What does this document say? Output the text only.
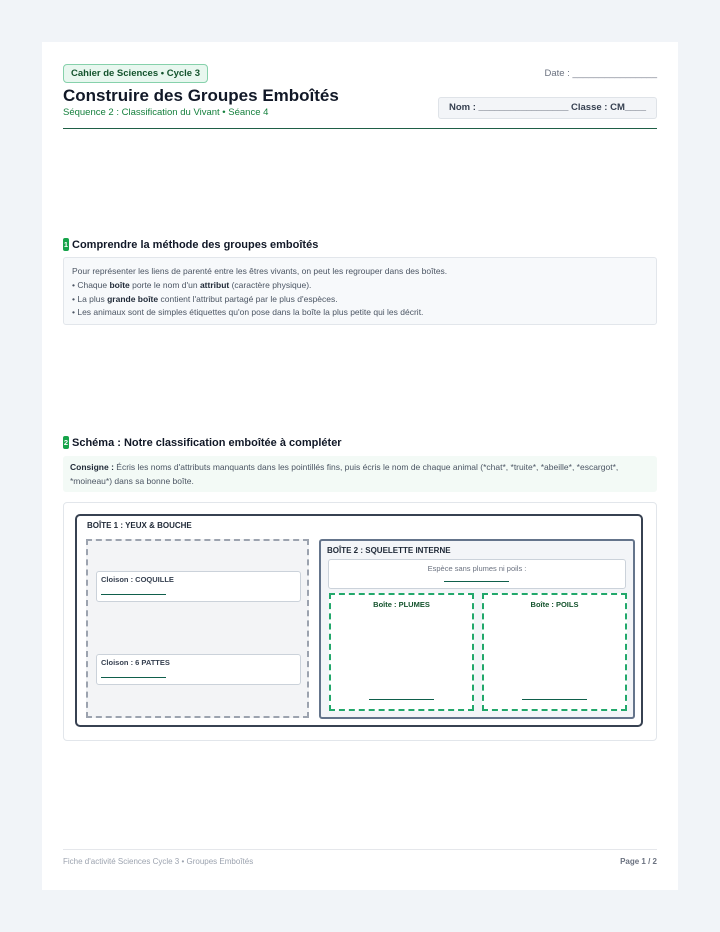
Cahier de Sciences • Cycle 3	Date : ________________
Construire des Groupes Emboîtés
Séquence 2 : Classification du Vivant • Séance 4	Nom : _________________ Classe : CM____
1 Comprendre la méthode des groupes emboîtés
Pour représenter les liens de parenté entre les êtres vivants, on peut les regrouper dans des boîtes.
• Chaque boîte porte le nom d'un attribut (caractère physique).
• La plus grande boîte contient l'attribut partagé par le plus d'espèces.
• Les animaux sont de simples étiquettes qu'on pose dans la boîte la plus petite qui les décrit.
2 Schéma : Notre classification emboîtée à compléter
Consigne : Écris les noms d'attributs manquants dans les pointillés fins, puis écris le nom de chaque animal (*chat*, *truite*, *abeille*, *escargot*, *moineau*) dans sa bonne boîte.
BOÎTE 1 : YEUX & BOUCHE
Cloison : COQUILLE
Cloison : 6 PATTES
BOÎTE 2 : SQUELETTE INTERNE
Espèce sans plumes ni poils :
Boîte : PLUMES	Boîte : POILS
Fiche d'activité Sciences Cycle 3 • Groupes Emboîtés	Page 1 / 2
